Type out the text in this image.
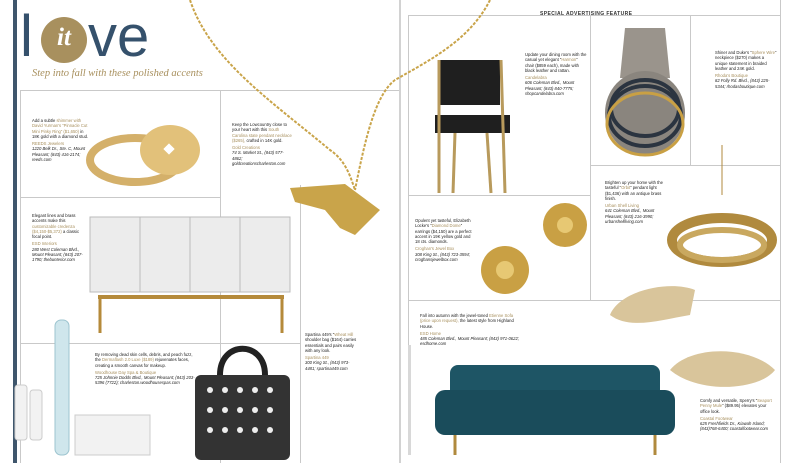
l it ve
Step into fall with these polished accents
SPECIAL ADVERTISING FEATURE
Add a subtle shimmer with David Yurman's “Pinnacle Cut Mini Pinky Ring” ($1,650) in 18K gold with a diamond stud.
REEDS Jewelers
1220 Belk Dr., Ste. C, Mount Pleasant; (843) 416-2174; reeds.com
Keep the Lowcountry close to your heart with this South Carolina state pendant necklace ($265), crafted in 14K gold.
Gold Creations
74 S. Market St., (843) 577-4862; goldcreationscharleston.com
Update your dining room with the casual yet elegant “Harmon” chair ($859 each), made with black leather and rattan.
Candelabra
606 Coleman Blvd., Mount Pleasant; (843) 840-7775; shopcandelabra.com
Shiner and Duke's “Sphere Wire” neckpiece ($270) makes a unique statement in braided leather and 24K gold.
Rhoda's Boutique
82 Folly Rd. Blvd., (843) 225-5344; rhodasboutique.com
Elegant lines and brass accents make this customizable credenza ($4,150-$5,372) a classic focal point.
ESD Interiors
280 West Coleman Blvd., Mount Pleasant; (843) 207-1790; thebunterior.com
Opulent yet tasteful, Elizabeth Locke's “Diamond Dome” earrings ($4,150) are a perfect accent in 19K yellow gold and 18 cts. diamonds.
Croghan's Jewel Box
308 King St., (843) 723-3594; croghansjewelbox.com
Brighten up your home with the tasteful “Orbit” pendant light ($1,436) with an antique brass finish.
Urban Shell Living
641 Coleman Blvd., Mount Pleasant; (843) 216-3990; urbanshellliving.com
By removing dead skin cells, debris, and peach fuzz, the Dermaflash 2.0 Luxe ($189) rejuvenates faces, creating a smooth canvas for makeup.
Woodhouse Day Spa & Boutique
725 Johnnie Dodds Blvd., Mount Pleasant; (843) 203-5396 (7722); charleston.woodhousespas.com
Spartina 449's “Wheat Hill shoulder bag ($164) carries essentials and pairs easily with any look.
Spartina 449
300 King St., (843) 973-4481; spartina449.com
Fall into autumn with the jewel-toned Etienne Sofa (price upon request), the latest style from Highland House.
ESD Home
485 Coleman Blvd., Mount Pleasant; (843) 971-0622; esdhome.com
Comfy and versatile, Sperry's “Seaport Penny Mule” ($89.95) elevates your office look.
Coastal Footwear
625 Freshfields Dr., Kiawah Island; (843)768-6400; coastalfootwear.com
